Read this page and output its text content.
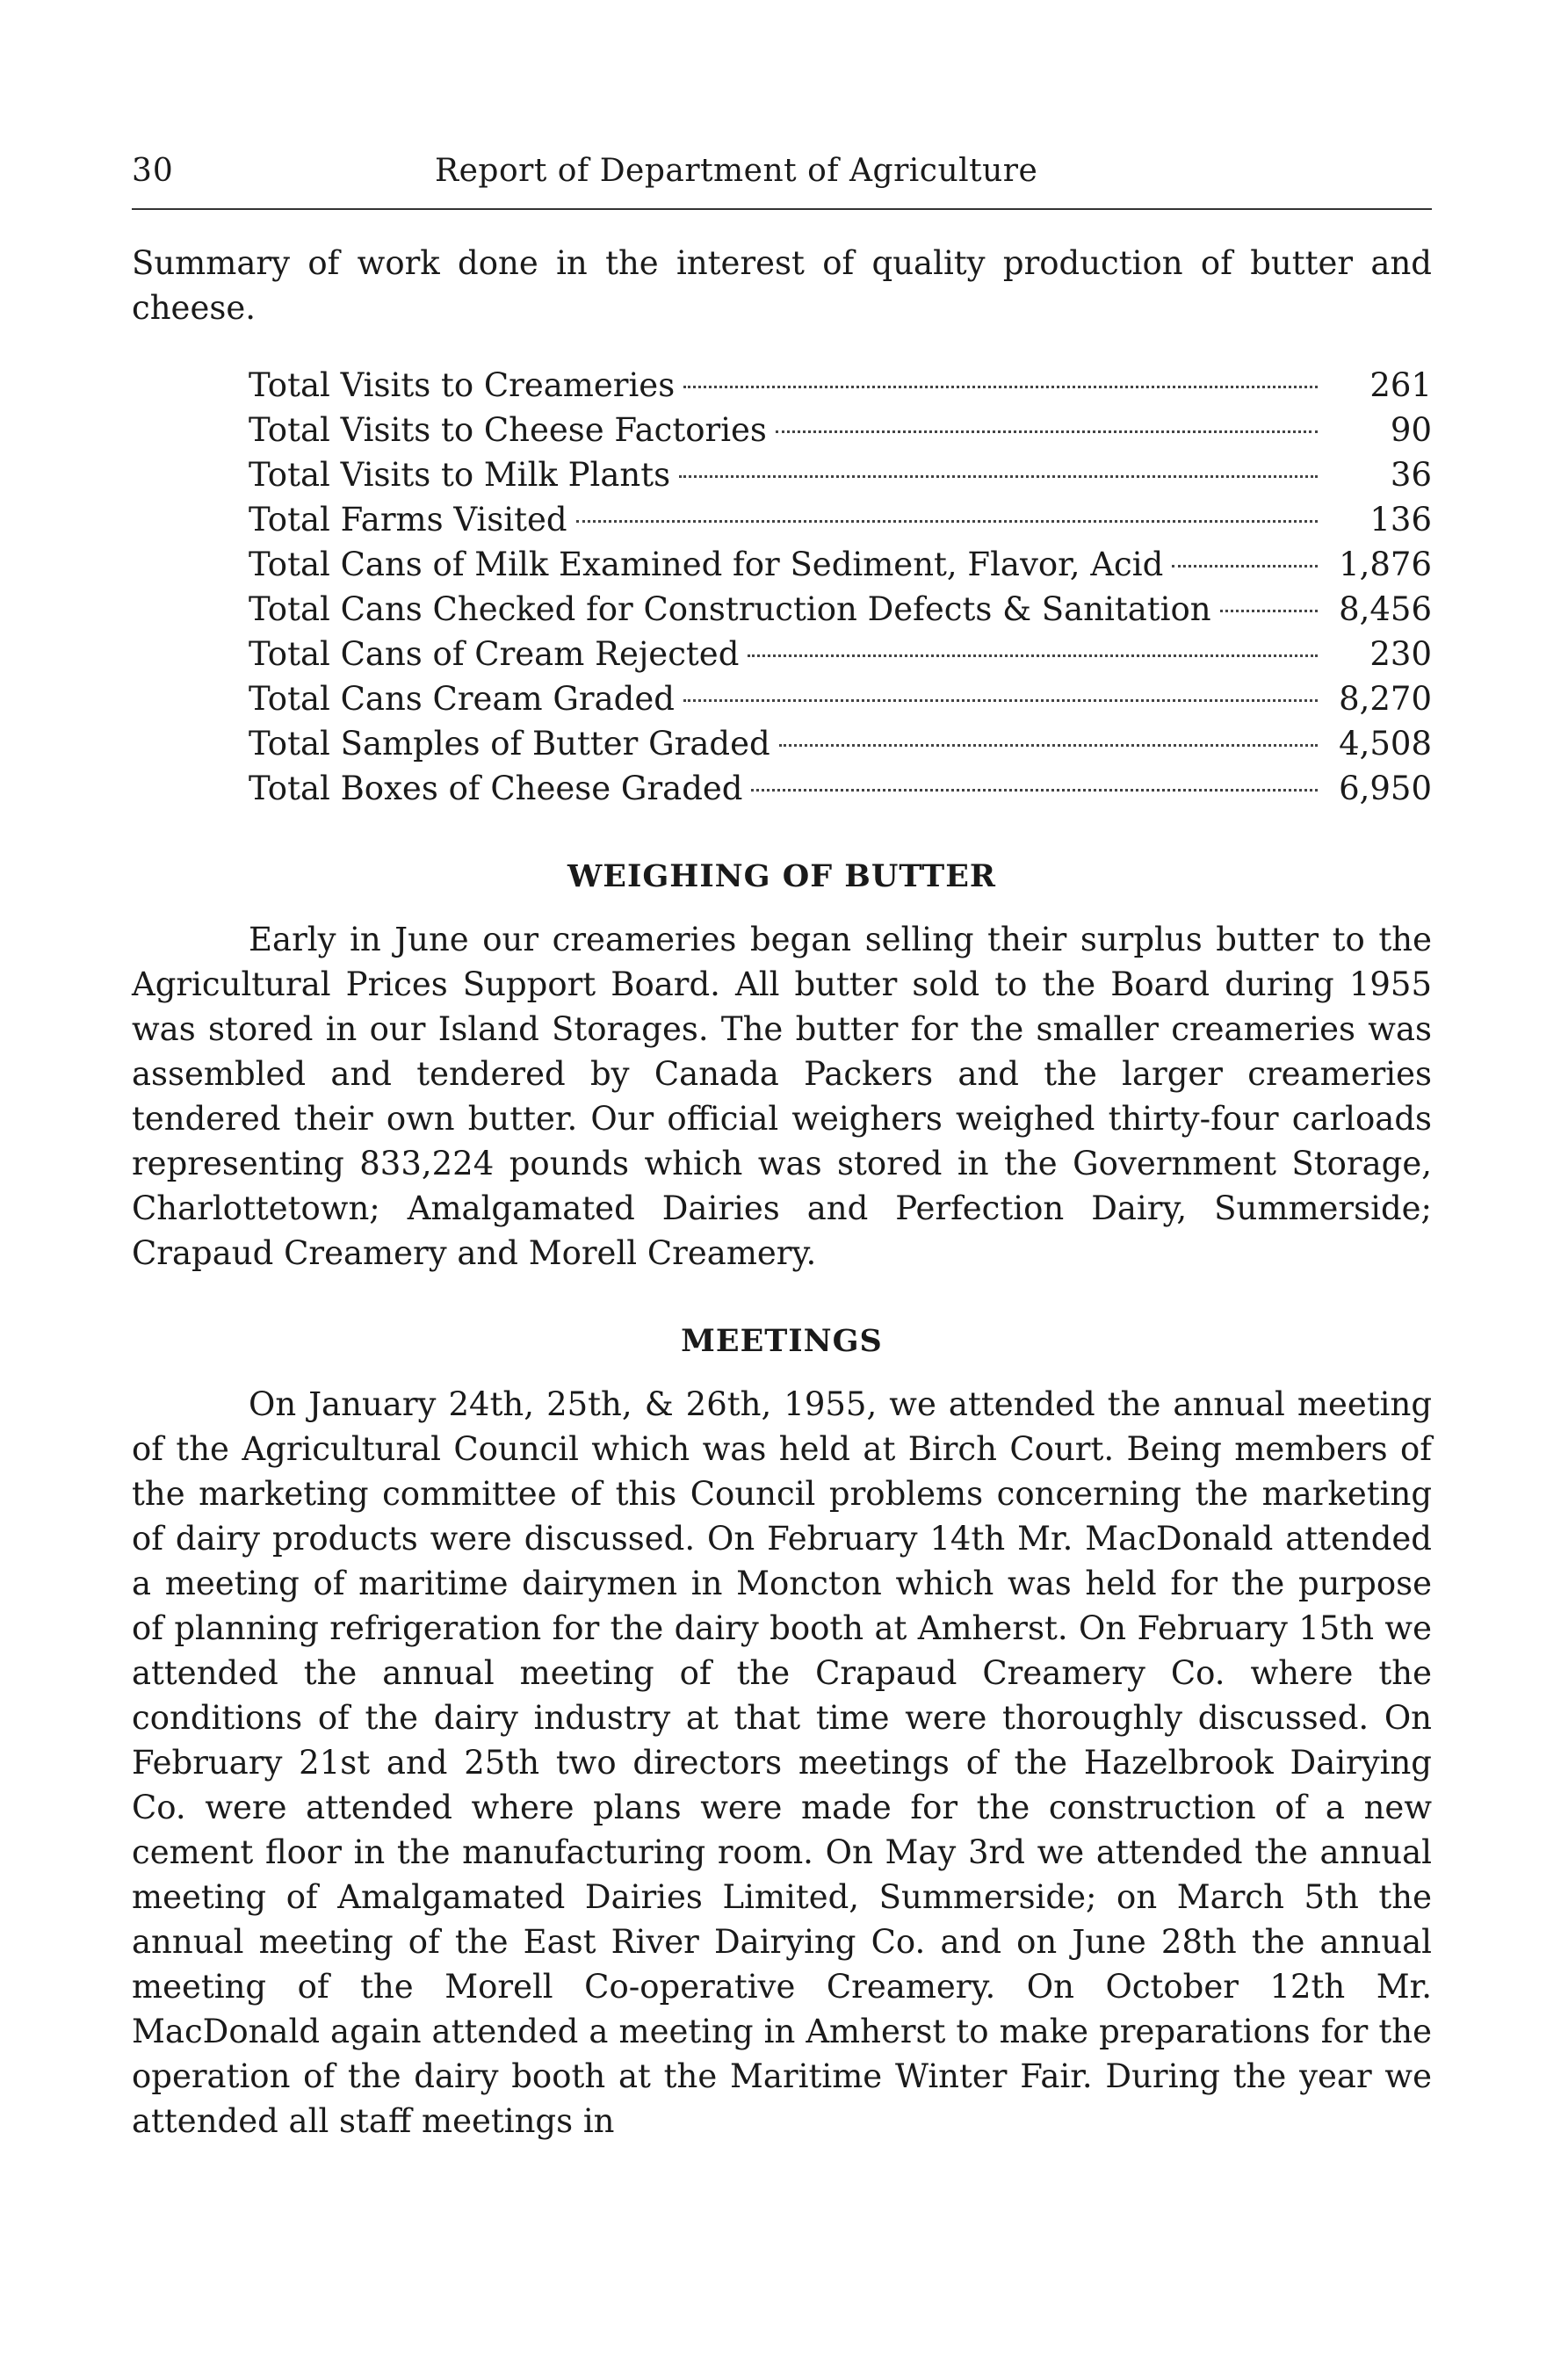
30	Report of Department of Agriculture

Summary of work done in the interest of quality production of butter and cheese.

Total Visits to Creameries	261
Total Visits to Cheese Factories	90
Total Visits to Milk Plants	36
Total Farms Visited	136
Total Cans of Milk Examined for Sediment, Flavor, Acid	1,876
Total Cans Checked for Construction Defects & Sanitation	8,456
Total Cans of Cream Rejected	230
Total Cans Cream Graded	8,270
Total Samples of Butter Graded	4,508
Total Boxes of Cheese Graded	6,950
WEIGHING OF BUTTER

Early in June our creameries began selling their surplus butter to the Agricultural Prices Support Board. All butter sold to the Board during 1955 was stored in our Island Storages. The butter for the smaller creameries was assembled and tendered by Canada Packers and the larger creameries tendered their own butter. Our official weighers weighed thirty-four carloads representing 833,224 pounds which was stored in the Government Storage, Charlottetown; Amalgamated Dairies and Perfection Dairy, Summerside; Crapaud Creamery and Morell Creamery.

MEETINGS

On January 24th, 25th, & 26th, 1955, we attended the annual meeting of the Agricultural Council which was held at Birch Court. Being members of the marketing committee of this Council problems concerning the marketing of dairy products were discussed. On February 14th Mr. MacDonald attended a meeting of maritime dairymen in Moncton which was held for the purpose of planning refrigeration for the dairy booth at Amherst. On February 15th we attended the annual meeting of the Crapaud Creamery Co. where the conditions of the dairy industry at that time were thoroughly discussed. On February 21st and 25th two directors meetings of the Hazelbrook Dairying Co. were attended where plans were made for the construction of a new cement floor in the manufacturing room. On May 3rd we attended the annual meeting of Amalgamated Dairies Limited, Summerside; on March 5th the annual meeting of the East River Dairying Co. and on June 28th the annual meeting of the Morell Co-operative Creamery. On October 12th Mr. MacDonald again attended a meeting in Amherst to make preparations for the operation of the dairy booth at the Maritime Winter Fair. During the year we attended all staff meetings in
